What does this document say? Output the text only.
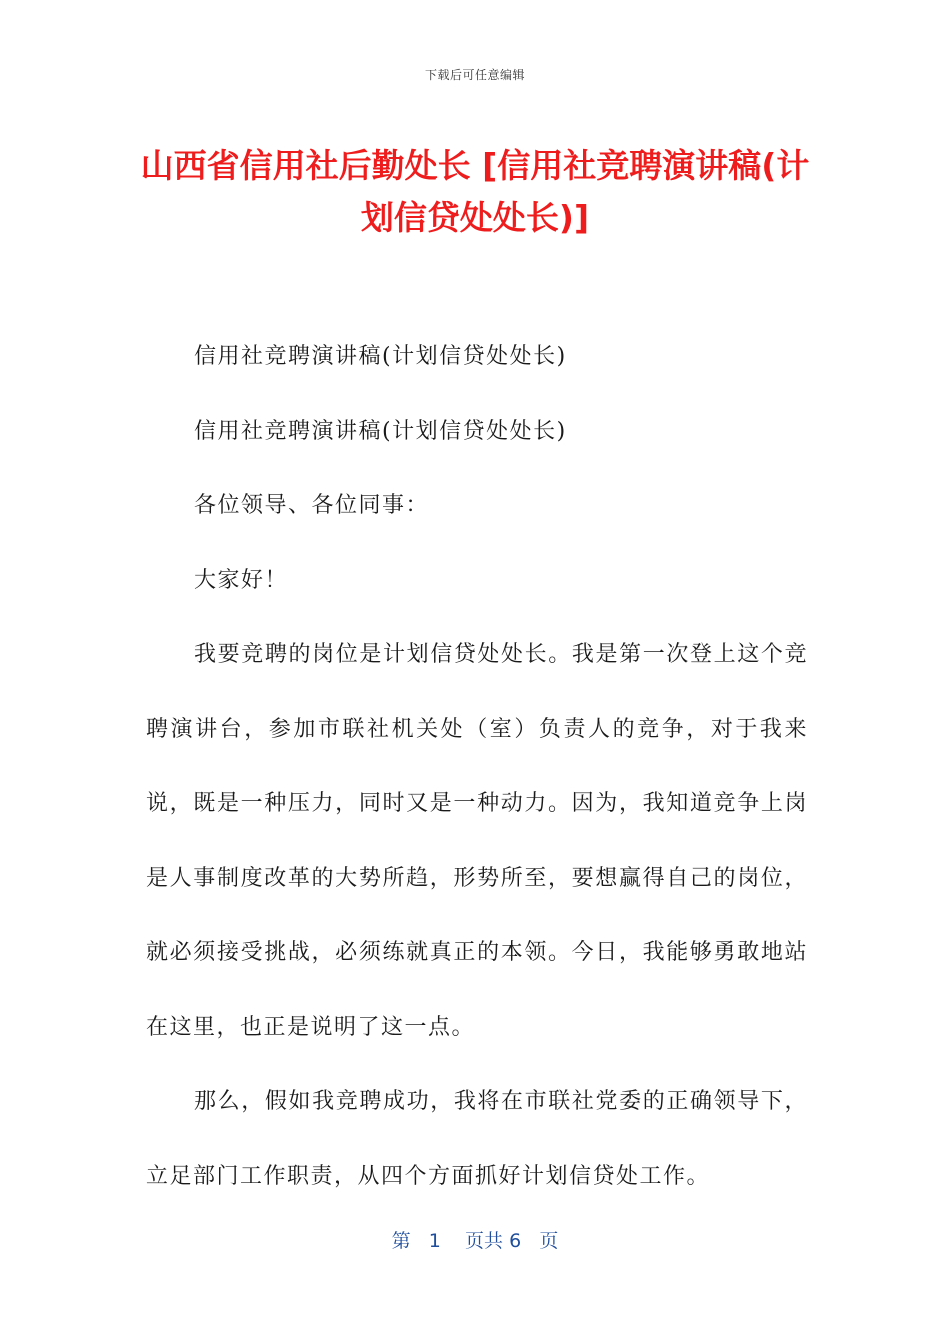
下载后可任意编辑
山西省信用社后勤处长 [信用社竞聘演讲稿(计划信贷处处长)]

信用社竞聘演讲稿(计划信贷处处长)

信用社竞聘演讲稿(计划信贷处处长)

各位领导、各位同事：

大家好！

我要竞聘的岗位是计划信贷处处长。我是第一次登上这个竞聘演讲台，参加市联社机关处（室）负责人的竞争，对于我来说，既是一种压力，同时又是一种动力。因为，我知道竞争上岗是人事制度改革的大势所趋，形势所至，要想赢得自己的岗位，就必须接受挑战，必须练就真正的本领。今日，我能够勇敢地站在这里，也正是说明了这一点。

那么，假如我竞聘成功，我将在市联社党委的正确领导下，立足部门工作职责，从四个方面抓好计划信贷处工作。

第 1 页共 6 页
